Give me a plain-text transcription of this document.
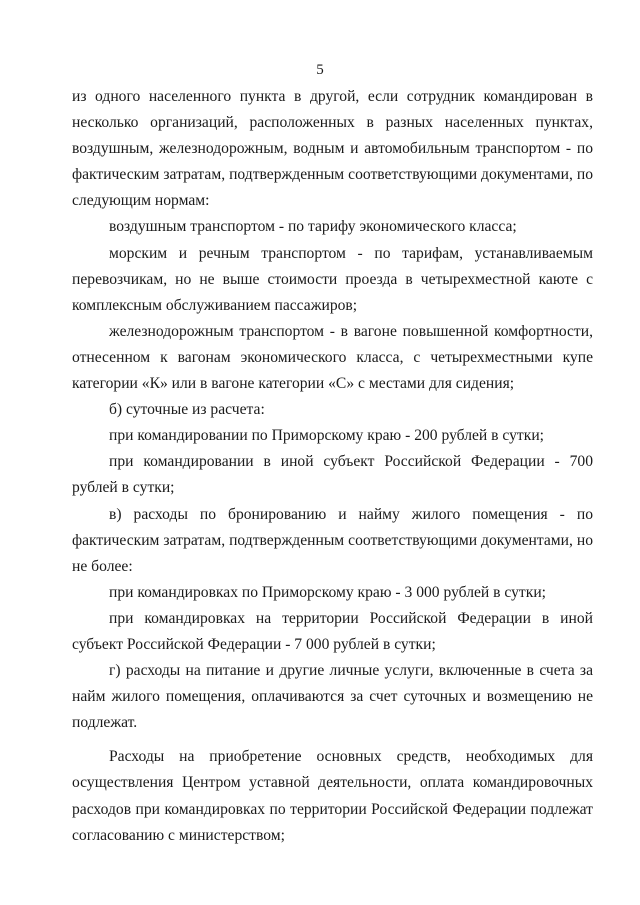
5

из одного населенного пункта в другой, если сотрудник командирован в несколько организаций, расположенных в разных населенных пунктах, воздушным, железнодорожным, водным и автомобильным транспортом - по фактическим затратам, подтвержденным соответствующими документами, по следующим нормам:

воздушным транспортом - по тарифу экономического класса;

морским и речным транспортом - по тарифам, устанавливаемым перевозчикам, но не выше стоимости проезда в четырехместной каюте с комплексным обслуживанием пассажиров;

железнодорожным транспортом - в вагоне повышенной комфортности, отнесенном к вагонам экономического класса, с четырехместными купе категории «К» или в вагоне категории «С» с местами для сидения;

б) суточные из расчета:

при командировании по Приморскому краю - 200 рублей в сутки;

при командировании в иной субъект Российской Федерации - 700 рублей в сутки;

в) расходы по бронированию и найму жилого помещения - по фактическим затратам, подтвержденным соответствующими документами, но не более:

при командировках по Приморскому краю - 3 000 рублей в сутки;

при командировках на территории Российской Федерации в иной субъект Российской Федерации - 7 000 рублей в сутки;

г) расходы на питание и другие личные услуги, включенные в счета за найм жилого помещения, оплачиваются за счет суточных и возмещению не подлежат.

Расходы на приобретение основных средств, необходимых для осуществления Центром уставной деятельности, оплата командировочных расходов при командировках по территории Российской Федерации подлежат согласованию с министерством;
